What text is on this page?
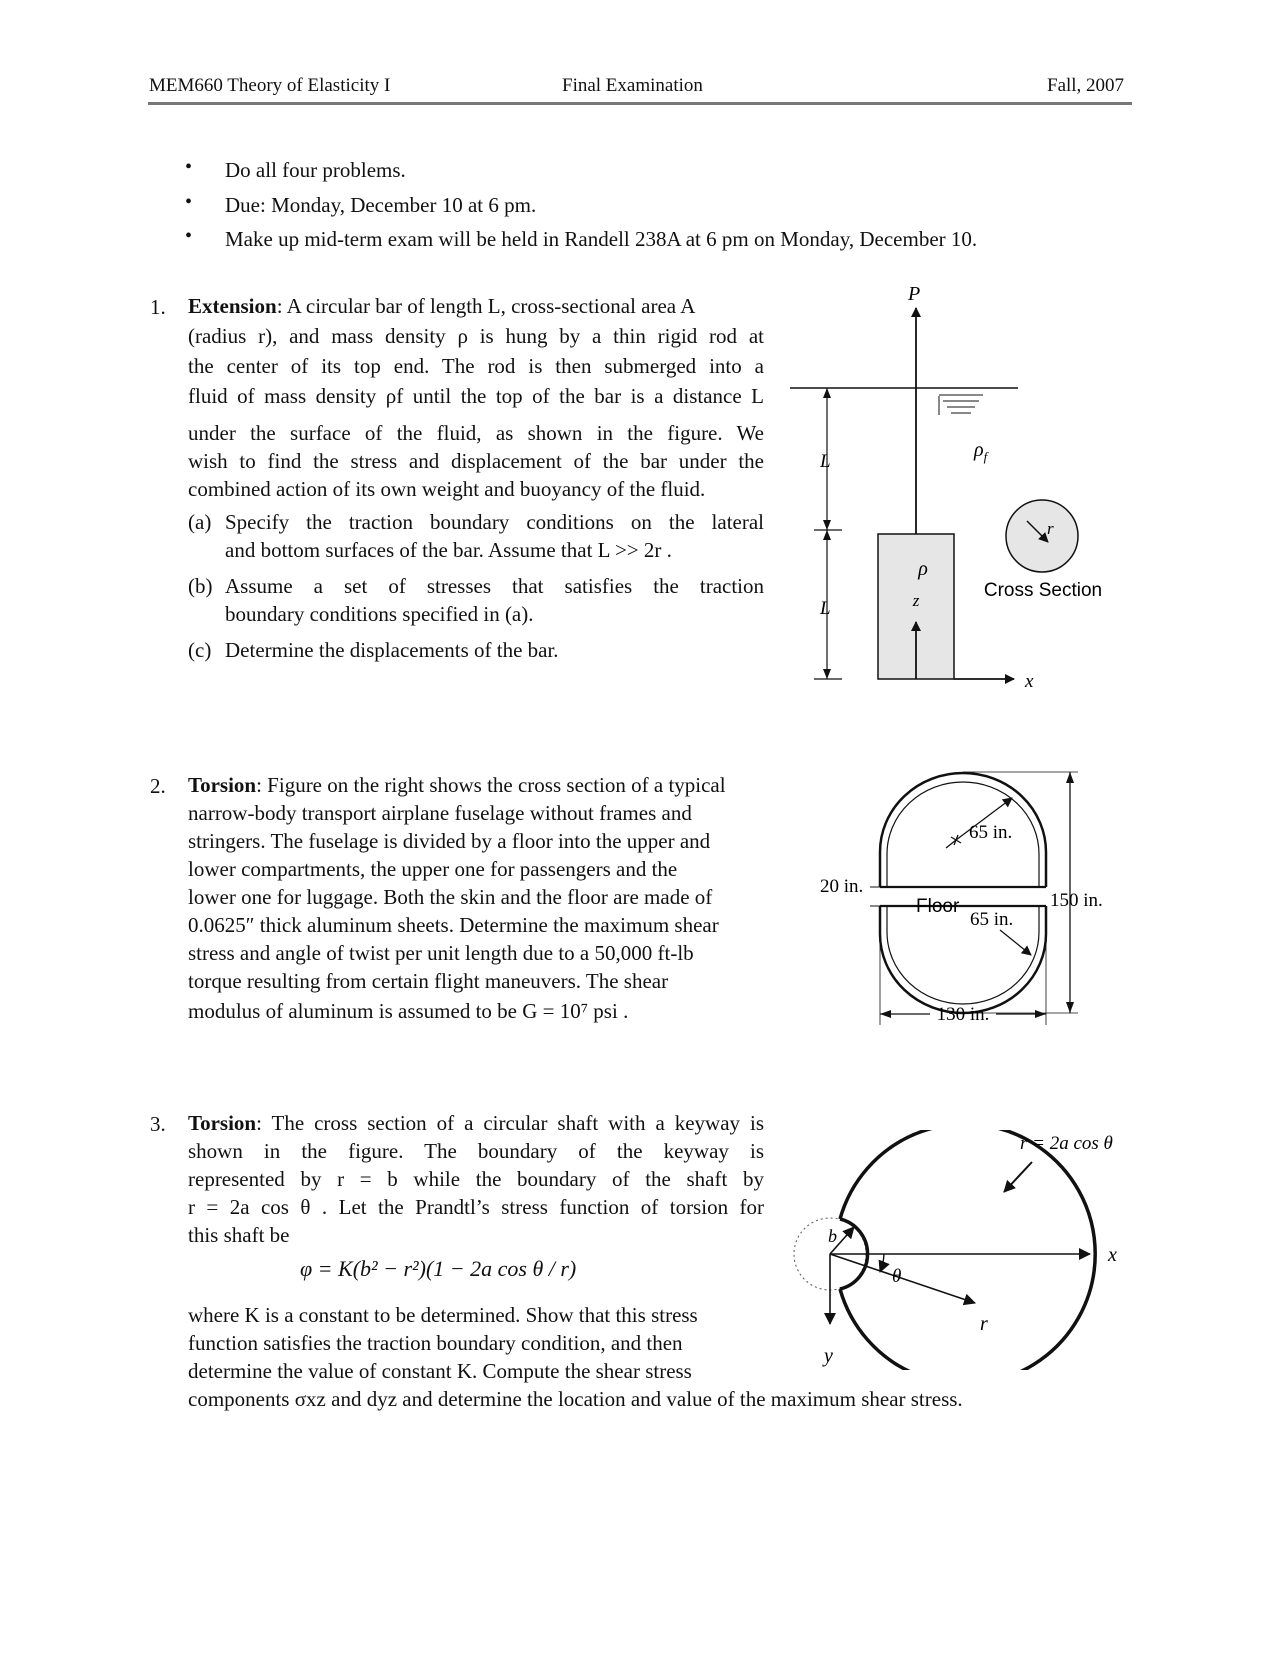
MEM660 Theory of Elasticity I	Final Examination	Fall, 2007
• Do all four problems.
• Due: Monday, December 10 at 6 pm.
• Make up mid-term exam will be held in Randell 238A at 6 pm on Monday, December 10.
1. Extension: A circular bar of length L, cross-sectional area A
(radius r), and mass density ρ is hung by a thin rigid rod at
the center of its top end. The rod is then submerged into a
fluid of mass density ρf until the top of the bar is a distance L
under the surface of the fluid, as shown in the figure. We
wish to find the stress and displacement of the bar under the
combined action of its own weight and buoyancy of the fluid.
(a) Specify the traction boundary conditions on the lateral
and bottom surfaces of the bar. Assume that L >> 2r .
(b) Assume a set of stresses that satisfies the traction
boundary conditions specified in (a).
(c) Determine the displacements of the bar.
P
$\rho_f$
L
L
ρ
z
x
r
Cross Section
2. Torsion: Figure on the right shows the cross section of a typical
narrow-body transport airplane fuselage without frames and
stringers. The fuselage is divided by a floor into the upper and
lower compartments, the upper one for passengers and the
lower one for luggage. Both the skin and the floor are made of
0.0625″ thick aluminum sheets. Determine the maximum shear
stress and angle of twist per unit length due to a 50,000 ft-lb
torque resulting from certain flight maneuvers. The shear
modulus of aluminum is assumed to be G = 10⁷ psi .
Floor
65 in.
65 in.
20 in.
150 in.
130 in.
3. Torsion: The cross section of a circular shaft with a keyway is
shown in the figure. The boundary of the keyway is
represented by r = b while the boundary of the shaft by
r = 2a cos θ . Let the Prandtl’s stress function of torsion for
this shaft be
φ = K(b² − r²)(1 − 2a cos θ / r)
where K is a constant to be determined. Show that this stress
function satisfies the traction boundary condition, and then
determine the value of constant K. Compute the shear stress
components σxz and dyz and determine the location and value of the maximum shear stress.
x
y
b
r
θ
r = 2a cos θ
